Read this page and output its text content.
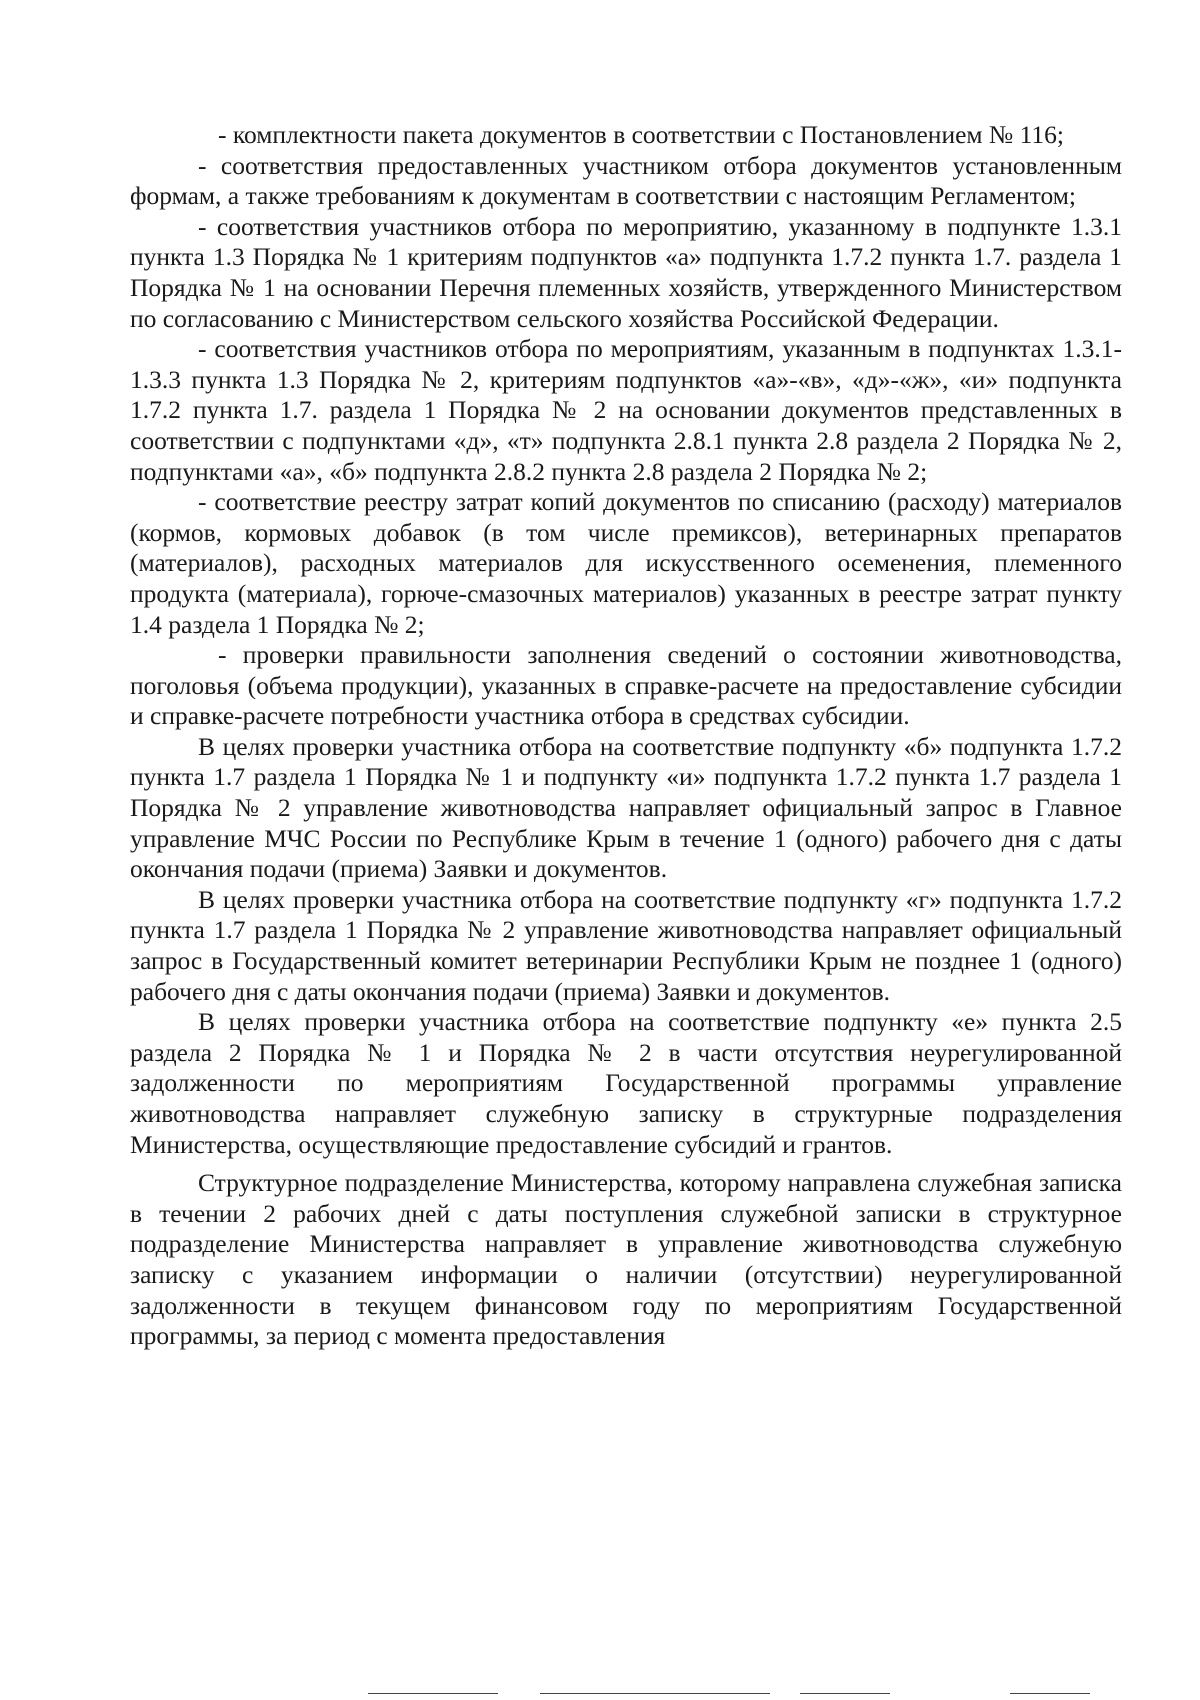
- комплектности пакета документов в соответствии с Постановлением № 116;

- соответствия предоставленных участником отбора документов установленным формам, а также требованиям к документам в соответствии с настоящим Регламентом;

- соответствия участников отбора по мероприятию, указанному в подпункте 1.3.1 пункта 1.3 Порядка № 1 критериям подпунктов «а» подпункта 1.7.2 пункта 1.7. раздела 1 Порядка № 1 на основании Перечня племенных хозяйств, утвержденного Министерством по согласованию с Министерством сельского хозяйства Российской Федерации.

- соответствия участников отбора по мероприятиям, указанным в подпунктах 1.3.1-1.3.3 пункта 1.3 Порядка № 2, критериям подпунктов «а»-«в», «д»-«ж», «и» подпункта 1.7.2 пункта 1.7. раздела 1 Порядка № 2 на основании документов представленных в соответствии с подпунктами «д», «т» подпункта 2.8.1 пункта 2.8 раздела 2 Порядка № 2, подпунктами «а», «б» подпункта 2.8.2 пункта 2.8 раздела 2 Порядка № 2;

- соответствие реестру затрат копий документов по списанию (расходу) материалов (кормов, кормовых добавок (в том числе премиксов), ветеринарных препаратов (материалов), расходных материалов для искусственного осеменения, племенного продукта (материала), горюче-смазочных материалов) указанных в реестре затрат пункту 1.4 раздела 1 Порядка № 2;

- проверки правильности заполнения сведений о состоянии животноводства, поголовья (объема продукции), указанных в справке-расчете на предоставление субсидии и справке-расчете потребности участника отбора в средствах субсидии.

В целях проверки участника отбора на соответствие подпункту «б» подпункта 1.7.2 пункта 1.7 раздела 1 Порядка № 1 и подпункту «и» подпункта 1.7.2 пункта 1.7 раздела 1 Порядка № 2 управление животноводства направляет официальный запрос в Главное управление МЧС России по Республике Крым в течение 1 (одного) рабочего дня с даты окончания подачи (приема) Заявки и документов.

В целях проверки участника отбора на соответствие подпункту «г» подпункта 1.7.2 пункта 1.7 раздела 1 Порядка № 2 управление животноводства направляет официальный запрос в Государственный комитет ветеринарии Республики Крым не позднее 1 (одного) рабочего дня с даты окончания подачи (приема) Заявки и документов.

В целях проверки участника отбора на соответствие подпункту «е» пункта 2.5 раздела 2 Порядка № 1 и Порядка № 2 в части отсутствия неурегулированной задолженности по мероприятиям Государственной программы управление животноводства направляет служебную записку в структурные подразделения Министерства, осуществляющие предоставление субсидий и грантов.

Структурное подразделение Министерства, которому направлена служебная записка в течении 2 рабочих дней с даты поступления служебной записки в структурное подразделение Министерства направляет в управление животноводства служебную записку с указанием информации о наличии (отсутствии) неурегулированной задолженности в текущем финансовом году по мероприятиям Государственной программы, за период с момента предоставления
